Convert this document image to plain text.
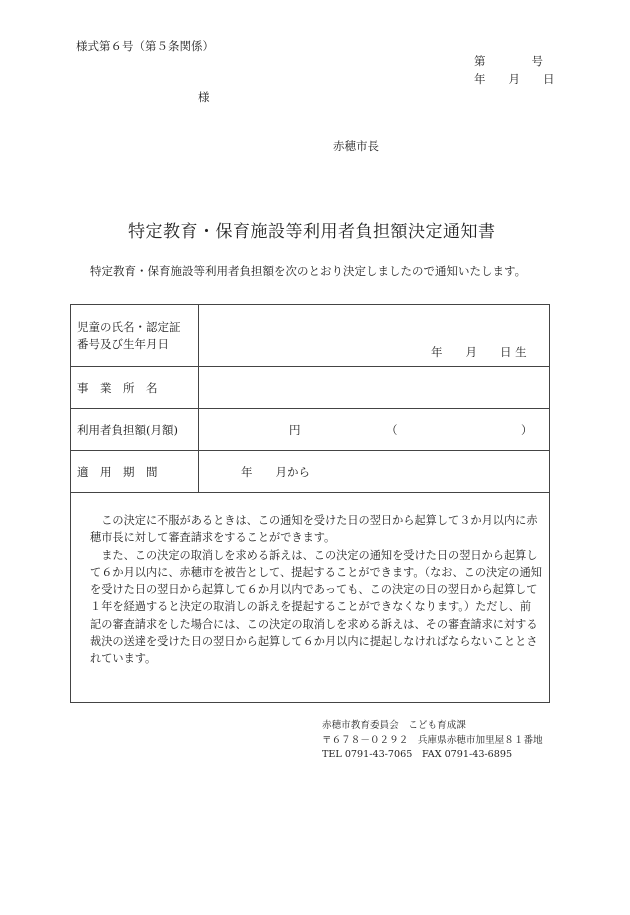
様式第６号（第５条関係）
第　　　　号
年　　月　　日
様
赤穂市長
特定教育・保育施設等利用者負担額決定通知書
特定教育・保育施設等利用者負担額を次のとおり決定しましたので通知いたします。
児童の氏名・認定証
番号及び生年月日	年　　月　　日 生

事　業　所　名	
利用者負担額(月額)	円 （ ）

適　用　期　間	年　　月から

この決定に不服があるときは、この通知を受けた日の翌日から起算して３か月以内に赤穂市長に対して審査請求をすることができます。

また、この決定の取消しを求める訴えは、この決定の通知を受けた日の翌日から起算して６か月以内に、赤穂市を被告として、提起することができます。（なお、この決定の通知を受けた日の翌日から起算して６か月以内であっても、この決定の日の翌日から起算して１年を経過すると決定の取消しの訴えを提起することができなくなります。）ただし、前記の審査請求をした場合には、この決定の取消しを求める訴えは、その審査請求に対する裁決の送達を受けた日の翌日から起算して６か月以内に提起しなければならないこととされています。

赤穂市教育委員会　こども育成課
〒６７８－０２９２　兵庫県赤穂市加里屋８１番地
TEL 0791-43-7065　FAX 0791-43-6895
